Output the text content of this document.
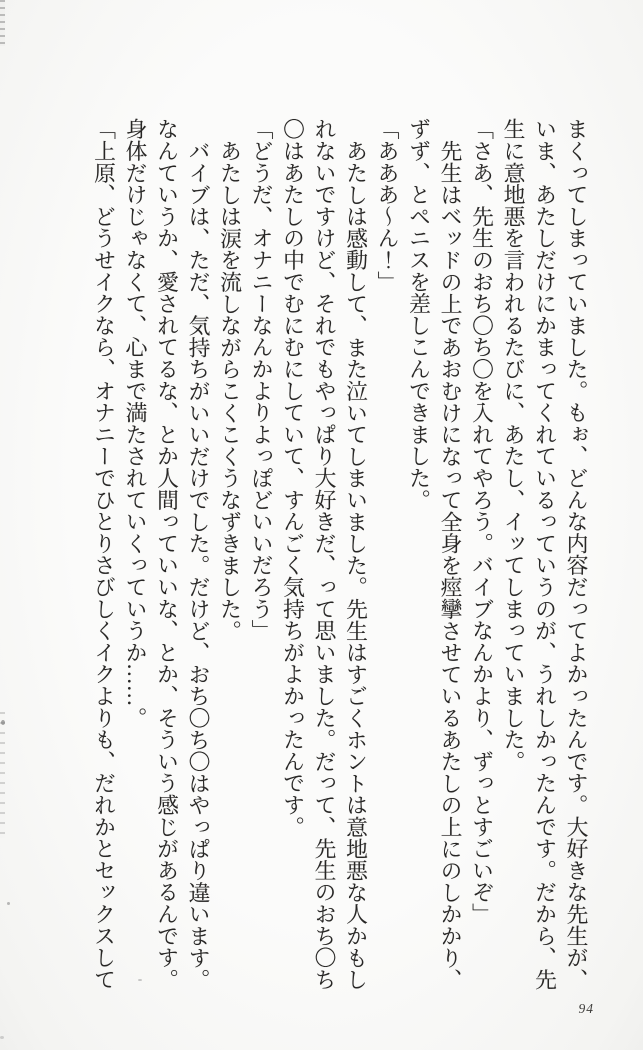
まくってしまっていました。もぉ、どんな内容だってよかったんです。大好きな先生が、いま、あたしだけにかまってくれているっていうのが、うれしかったんです。だから、先生に意地悪を言われるたびに、あたし、イッてしまっていました。

「さあ、先生のおち〇ち〇を入れてやろう。バイブなんかより、ずっとすごいぞ」

先生はベッドの上であおむけになって全身を痙攣させているあたしの上にのしかかり、ずず、とペニスを差しこんできました。

「あああ〜ん！」

あたしは感動して、また泣いてしまいました。先生はすごくホントは意地悪な人かもしれないですけど、それでもやっぱり大好きだ、って思いました。だって、先生のおち〇ち〇はあたしの中でむにむにしていて、すんごく気持ちがよかったんです。

「どうだ、オナニーなんかよりよっぽどいいだろう」

あたしは涙を流しながらこくこくうなずきました。

バイブは、ただ、気持ちがいいだけでした。だけど、おち〇ち〇はやっぱり違います。なんていうか、愛されてるな、とか人間っていいな、とか、そういう感じがあるんです。身体だけじゃなくて、心まで満たされていくっていうか……。

「上原、どうせイクなら、オナニーでひとりさびしくイクよりも、だれかとセックスして

94
